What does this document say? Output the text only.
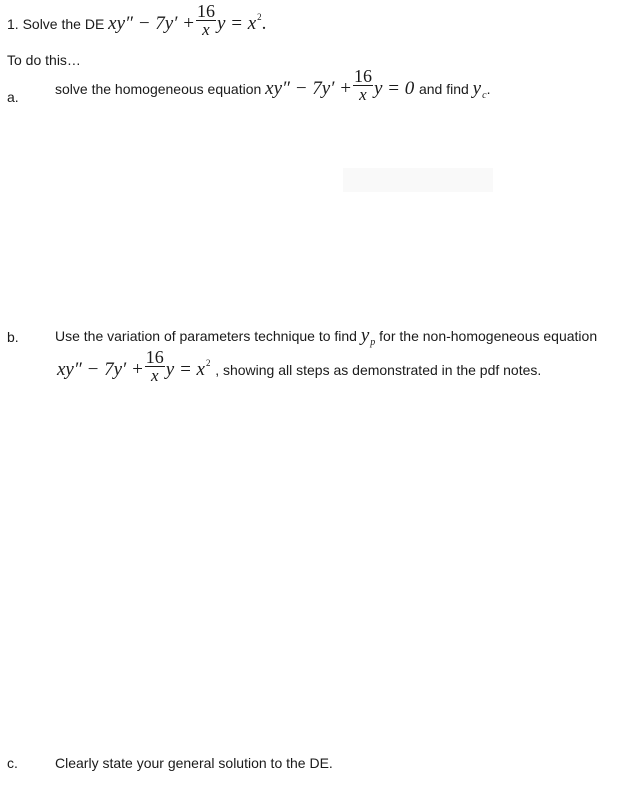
1. Solve the DE $xy'' - 7y' + \frac{16}{x}$ $y = x^2$.
To do this…
a.
solve the homogeneous equation $xy'' - 7y' + \frac{16}{x}$ y = 0 and find $y_c$.
b.	Use the variation of parameters technique to find $y_p$ for the non-homogeneous equation
$xy'' - 7y' + \frac{16}{x}$ $y = x^2$ , showing all steps as demonstrated in the pdf notes.
c.	Clearly state your general solution to the DE.
